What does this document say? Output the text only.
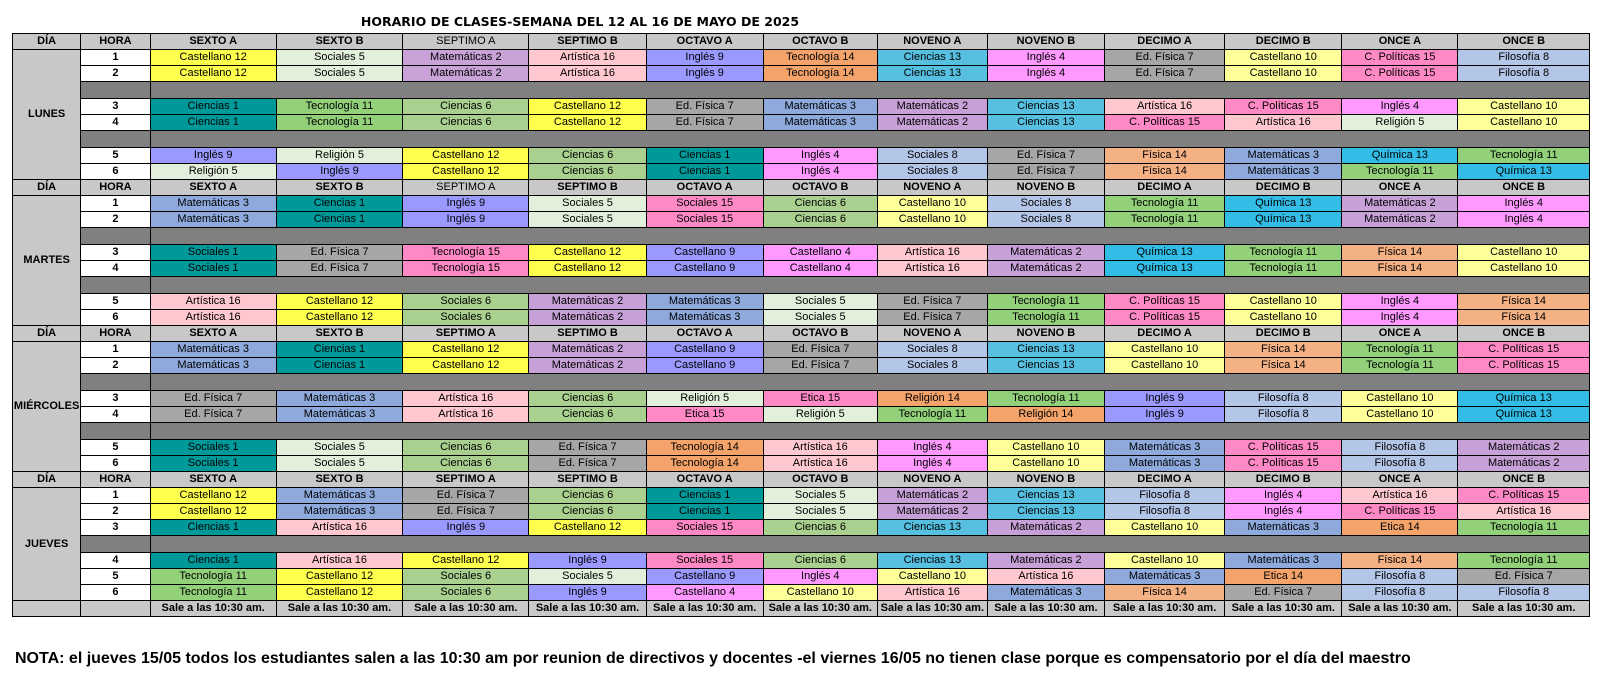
HORARIO DE CLASES-SEMANA DEL 12 AL 16 DE MAYO DE 2025
DÍA	HORA	SEXTO A	SEXTO B	SEPTIMO A	SEPTIMO B	OCTAVO A	OCTAVO B	NOVENO A	NOVENO B	DECIMO A	DECIMO B	ONCE A	ONCE B
LUNES	1	Castellano 12	Sociales 5	Matemáticas 2	Artística 16	Inglés 9	Tecnología 14	Ciencias 13	Inglés 4	Ed. Física 7	Castellano 10	C. Políticas 15	Filosofía 8
	2	Castellano 12	Sociales 5	Matemáticas 2	Artística 16	Inglés 9	Tecnología 14	Ciencias 13	Inglés 4	Ed. Física 7	Castellano 10	C. Políticas 15	Filosofía 8

	3	Ciencias 1	Tecnología 11	Ciencias 6	Castellano 12	Ed. Física 7	Matemáticas 3	Matemáticas 2	Ciencias 13	Artística 16	C. Políticas 15	Inglés 4	Castellano 10
	4	Ciencias 1	Tecnología 11	Ciencias 6	Castellano 12	Ed. Física 7	Matemáticas 3	Matemáticas 2	Ciencias 13	C. Políticas 15	Artística 16	Religión 5	Castellano 10

	5	Inglés 9	Religión 5	Castellano 12	Ciencias 6	Ciencias 1	Inglés 4	Sociales 8	Ed. Física 7	Física 14	Matemáticas 3	Química 13	Tecnología 11
	6	Religión 5	Inglés 9	Castellano 12	Ciencias 6	Ciencias 1	Inglés 4	Sociales 8	Ed. Física 7	Física 14	Matemáticas 3	Tecnología 11	Química 13
DÍA	HORA	SEXTO A	SEXTO B	SEPTIMO A	SEPTIMO B	OCTAVO A	OCTAVO B	NOVENO A	NOVENO B	DECIMO A	DECIMO B	ONCE A	ONCE B
MARTES	1	Matemáticas 3	Ciencias 1	Inglés 9	Sociales 5	Sociales 15	Ciencias 6	Castellano 10	Sociales 8	Tecnología 11	Química 13	Matemáticas 2	Inglés 4
	2	Matemáticas 3	Ciencias 1	Inglés 9	Sociales 5	Sociales 15	Ciencias 6	Castellano 10	Sociales 8	Tecnología 11	Química 13	Matemáticas 2	Inglés 4

	3	Sociales 1	Ed. Física 7	Tecnología 15	Castellano 12	Castellano 9	Castellano 4	Artística 16	Matemáticas 2	Química 13	Tecnología 11	Física 14	Castellano 10
	4	Sociales 1	Ed. Física 7	Tecnología 15	Castellano 12	Castellano 9	Castellano 4	Artística 16	Matemáticas 2	Química 13	Tecnología 11	Física 14	Castellano 10

	5	Artística 16	Castellano 12	Sociales 6	Matemáticas 2	Matemáticas 3	Sociales 5	Ed. Física 7	Tecnología 11	C. Políticas 15	Castellano 10	Inglés 4	Física 14
	6	Artística 16	Castellano 12	Sociales 6	Matemáticas 2	Matemáticas 3	Sociales 5	Ed. Física 7	Tecnología 11	C. Políticas 15	Castellano 10	Inglés 4	Física 14
DÍA	HORA	SEXTO A	SEXTO B	SEPTIMO A	SEPTIMO B	OCTAVO A	OCTAVO B	NOVENO A	NOVENO B	DECIMO A	DECIMO B	ONCE A	ONCE B
MIÉRCOLES	1	Matemáticas 3	Ciencias 1	Castellano 12	Matemáticas 2	Castellano 9	Ed. Física 7	Sociales 8	Ciencias 13	Castellano 10	Física 14	Tecnología 11	C. Políticas 15
	2	Matemáticas 3	Ciencias 1	Castellano 12	Matemáticas 2	Castellano 9	Ed. Física 7	Sociales 8	Ciencias 13	Castellano 10	Física 14	Tecnología 11	C. Políticas 15

	3	Ed. Física 7	Matemáticas 3	Artística 16	Ciencias 6	Religión 5	Etica 15	Religión 14	Tecnología 11	Inglés 9	Filosofía 8	Castellano 10	Química 13
	4	Ed. Física 7	Matemáticas 3	Artística 16	Ciencias 6	Etica 15	Religión 5	Tecnología 11	Religión 14	Inglés 9	Filosofía 8	Castellano 10	Química 13

	5	Sociales 1	Sociales 5	Ciencias 6	Ed. Física 7	Tecnología 14	Artística 16	Inglés 4	Castellano 10	Matemáticas 3	C. Políticas 15	Filosofía 8	Matemáticas 2
	6	Sociales 1	Sociales 5	Ciencias 6	Ed. Física 7	Tecnología 14	Artística 16	Inglés 4	Castellano 10	Matemáticas 3	C. Políticas 15	Filosofía 8	Matemáticas 2
DÍA	HORA	SEXTO A	SEXTO B	SEPTIMO A	SEPTIMO B	OCTAVO A	OCTAVO B	NOVENO A	NOVENO B	DECIMO A	DECIMO B	ONCE A	ONCE B
JUEVES	1	Castellano 12	Matemáticas 3	Ed. Física 7	Ciencias 6	Ciencias 1	Sociales 5	Matemáticas 2	Ciencias 13	Filosofía 8	Inglés 4	Artística 16	C. Políticas 15
	2	Castellano 12	Matemáticas 3	Ed. Física 7	Ciencias 6	Ciencias 1	Sociales 5	Matemáticas 2	Ciencias 13	Filosofía 8	Inglés 4	C. Políticas 15	Artística 16
	3	Ciencias 1	Artística 16	Inglés 9	Castellano 12	Sociales 15	Ciencias 6	Ciencias 13	Matemáticas 2	Castellano 10	Matemáticas 3	Etica 14	Tecnología 11

	4	Ciencias 1	Artística 16	Castellano 12	Inglés 9	Sociales 15	Ciencias 6	Ciencias 13	Matemáticas 2	Castellano 10	Matemáticas 3	Física 14	Tecnología 11
	5	Tecnología 11	Castellano 12	Sociales 6	Sociales 5	Castellano 9	Inglés 4	Castellano 10	Artística 16	Matemáticas 3	Etica 14	Filosofía 8	Ed. Física 7
	6	Tecnología 11	Castellano 12	Sociales 6	Inglés 9	Castellano 4	Castellano 10	Artística 16	Matemáticas 3	Física 14	Ed. Física 7	Filosofía 8	Filosofía 8
		Sale a las 10:30 am.	Sale a las 10:30 am.	Sale a las 10:30 am.	Sale a las 10:30 am.	Sale a las 10:30 am.	Sale a las 10:30 am.	Sale a las 10:30 am.	Sale a las 10:30 am.	Sale a las 10:30 am.	Sale a las 10:30 am.	Sale a las 10:30 am.	Sale a las 10:30 am.
NOTA: el jueves 15/05 todos los estudiantes salen a las 10:30 am por reunion de directivos y docentes -el viernes 16/05 no tienen clase porque es compensatorio por el día del maestro
